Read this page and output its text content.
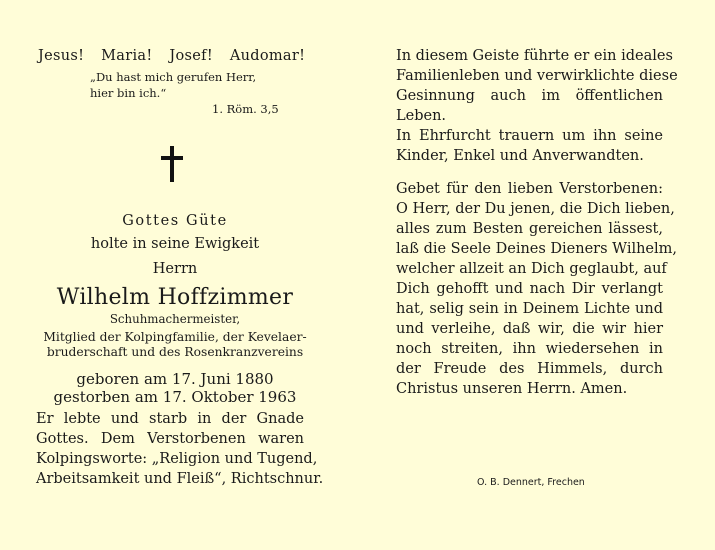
Jesus! Maria! Josef! Audomar!
„Du hast mich gerufen Herr,
hier bin ich.“
1. Röm. 3,5
Gottes Güte
holte in seine Ewigkeit
Herrn
Wilhelm Hoffzimmer
Schuhmachermeister,
Mitglied der Kolpingfamilie, der Kevelaer-
bruderschaft und des Rosenkranzvereins
geboren am 17. Juni 1880
gestorben am 17. Oktober 1963
Er lebte und starb in der Gnade
Gottes. Dem Verstorbenen waren
Kolpingsworte: „Religion und Tugend,
Arbeitsamkeit und Fleiß“, Richtschnur.
In diesem Geiste führte er ein ideales
Familienleben und verwirklichte diese
Gesinnung auch im öffentlichen
Leben.
In Ehrfurcht trauern um ihn seine
Kinder, Enkel und Anverwandten.
Gebet für den lieben Verstorbenen:
O Herr, der Du jenen, die Dich lieben,
alles zum Besten gereichen lässest,
laß die Seele Deines Dieners Wilhelm,
welcher allzeit an Dich geglaubt, auf
Dich gehofft und nach Dir verlangt
hat, selig sein in Deinem Lichte und
und verleihe, daß wir, die wir hier
noch streiten, ihn wiedersehen in
der Freude des Himmels, durch
Christus unseren Herrn. Amen.
O. B. Dennert, Frechen
